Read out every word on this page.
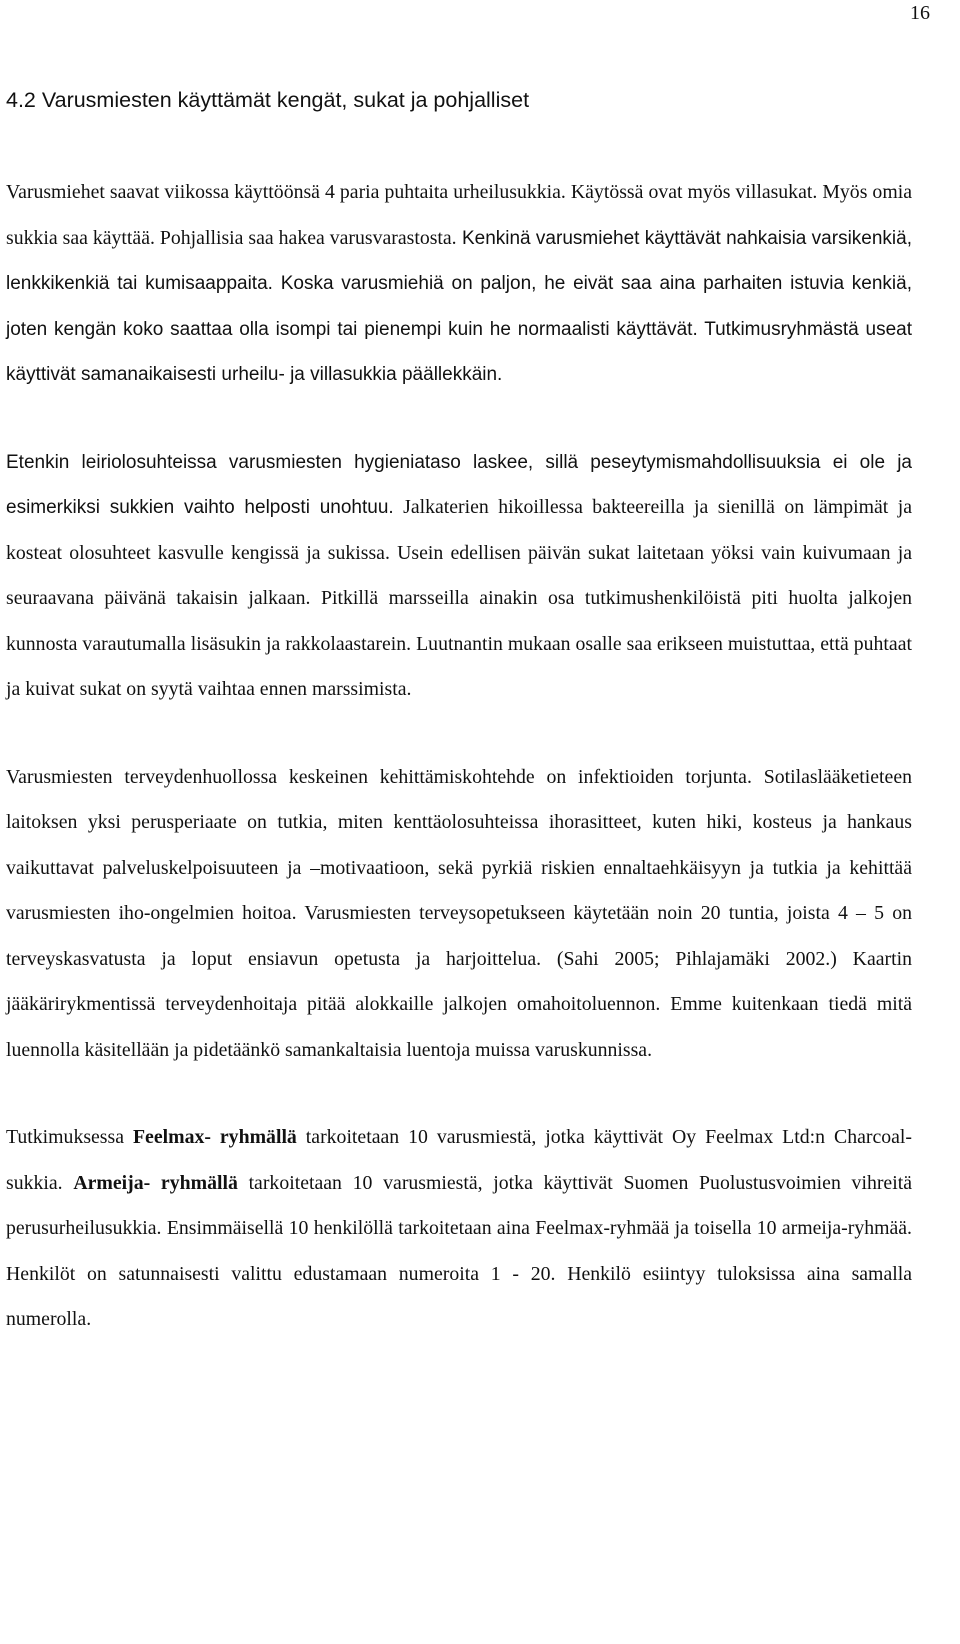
16
4.2 Varusmiesten käyttämät kengät, sukat ja pohjalliset

Varusmiehet saavat viikossa käyttöönsä 4 paria puhtaita urheilusukkia. Käytössä ovat myös villasukat. Myös omia sukkia saa käyttää. Pohjallisia saa hakea varusvarastosta. Kenkinä varusmiehet käyttävät nahkaisia varsikenkiä, lenkkikenkiä tai kumisaappaita. Koska varusmiehiä on paljon, he eivät saa aina parhaiten istuvia kenkiä, joten kengän koko saattaa olla isompi tai pienempi kuin he normaalisti käyttävät. Tutkimusryhmästä useat käyttivät samanaikaisesti urheilu- ja villasukkia päällekkäin.

Etenkin leiriolosuhteissa varusmiesten hygieniataso laskee, sillä peseytymismahdollisuuksia ei ole ja esimerkiksi sukkien vaihto helposti unohtuu. Jalkaterien hikoillessa bakteereilla ja sienillä on lämpimät ja kosteat olosuhteet kasvulle kengissä ja sukissa. Usein edellisen päivän sukat laitetaan yöksi vain kuivumaan ja seuraavana päivänä takaisin jalkaan. Pitkillä marsseilla ainakin osa tutkimushenkilöistä piti huolta jalkojen kunnosta varautumalla lisäsukin ja rakkolaastarein. Luutnantin mukaan osalle saa erikseen muistuttaa, että puhtaat ja kuivat sukat on syytä vaihtaa ennen marssimista.

Varusmiesten terveydenhuollossa keskeinen kehittämiskohtehde on infektioiden torjunta. Sotilaslääketieteen laitoksen yksi perusperiaate on tutkia, miten kenttäolosuhteissa ihorasitteet, kuten hiki, kosteus ja hankaus vaikuttavat palveluskelpoisuuteen ja –motivaatioon, sekä pyrkiä riskien ennaltaehkäisyyn ja tutkia ja kehittää varusmiesten iho-ongelmien hoitoa. Varusmiesten terveysopetukseen käytetään noin 20 tuntia, joista 4 – 5 on terveyskasvatusta ja loput ensiavun opetusta ja harjoittelua. (Sahi 2005; Pihlajamäki 2002.) Kaartin jääkärirykmentissä terveydenhoitaja pitää alokkaille jalkojen omahoitoluennon. Emme kuitenkaan tiedä mitä luennolla käsitellään ja pidetäänkö samankaltaisia luentoja muissa varuskunnissa.

Tutkimuksessa Feelmax- ryhmällä tarkoitetaan 10 varusmiestä, jotka käyttivät Oy Feelmax Ltd:n Charcoal- sukkia. Armeija- ryhmällä tarkoitetaan 10 varusmiestä, jotka käyttivät Suomen Puolustusvoimien vihreitä perusurheilusukkia. Ensimmäisellä 10 henkilöllä tarkoitetaan aina Feelmax-ryhmää ja toisella 10 armeija-ryhmää. Henkilöt on satunnaisesti valittu edustamaan numeroita 1 - 20. Henkilö esiintyy tuloksissa aina samalla numerolla.
